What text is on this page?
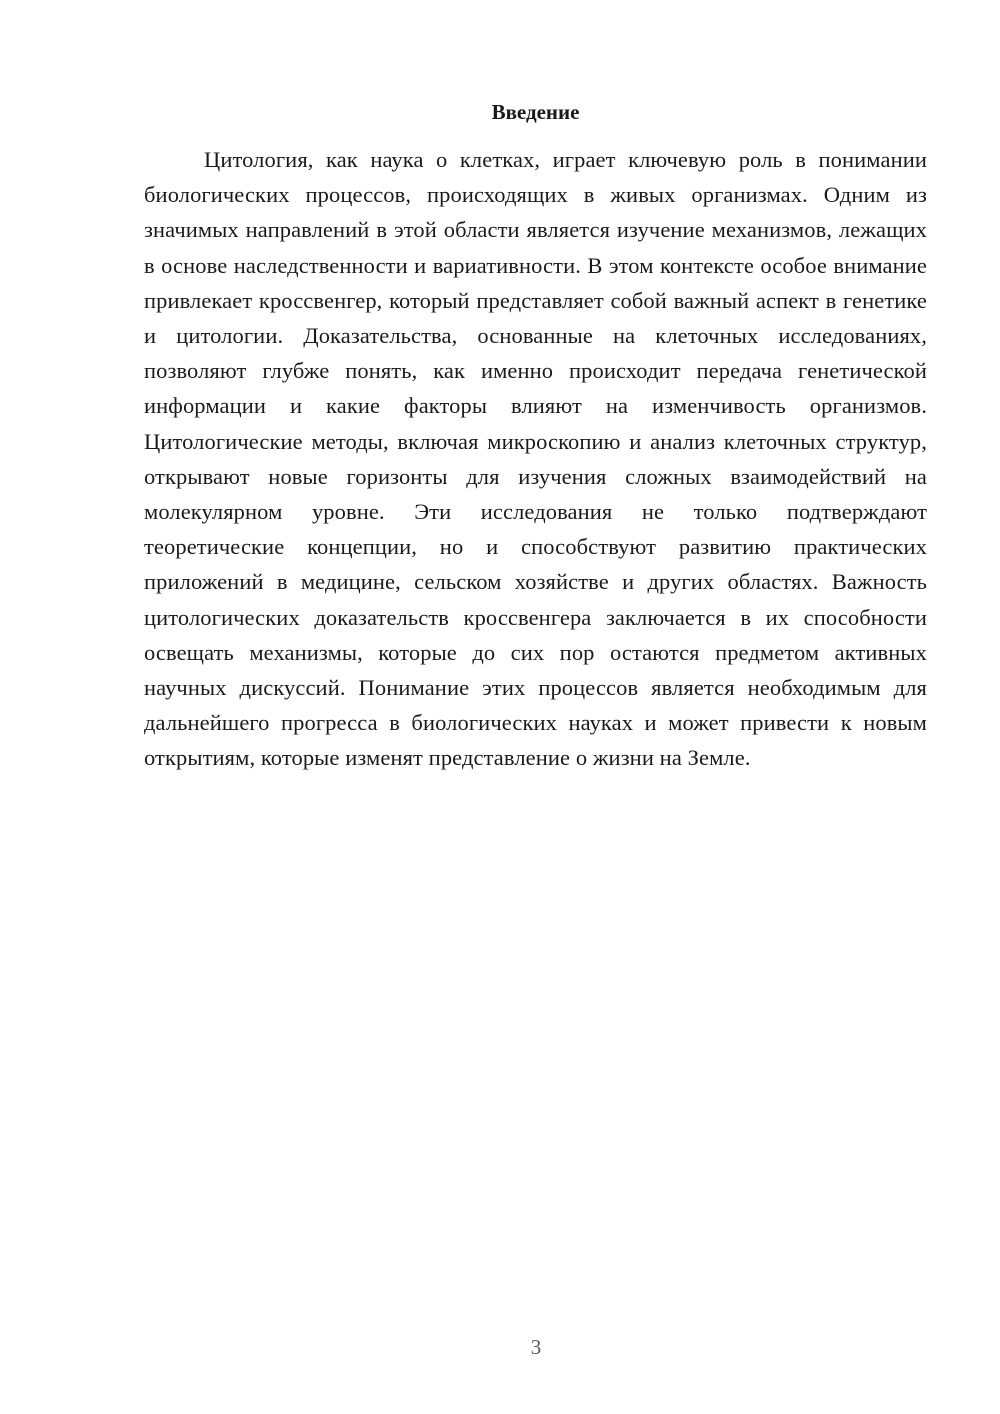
Введение

Цитология, как наука о клетках, играет ключевую роль в понимании биологических процессов, происходящих в живых организмах. Одним из значимых направлений в этой области является изучение механизмов, лежащих в основе наследственности и вариативности. В этом контексте особое внимание привлекает кроссвенгер, который представляет собой важный аспект в генетике и цитологии. Доказательства, основанные на клеточных исследованиях, позволяют глубже понять, как именно происходит передача генетической информации и какие факторы влияют на изменчивость организмов. Цитологические методы, включая микроскопию и анализ клеточных структур, открывают новые горизонты для изучения сложных взаимодействий на молекулярном уровне. Эти исследования не только подтверждают теоретические концепции, но и способствуют развитию практических приложений в медицине, сельском хозяйстве и других областях. Важность цитологических доказательств кроссвенгера заключается в их способности освещать механизмы, которые до сих пор остаются предметом активных научных дискуссий. Понимание этих процессов является необходимым для дальнейшего прогресса в биологических науках и может привести к новым открытиям, которые изменят представление о жизни на Земле.

3
